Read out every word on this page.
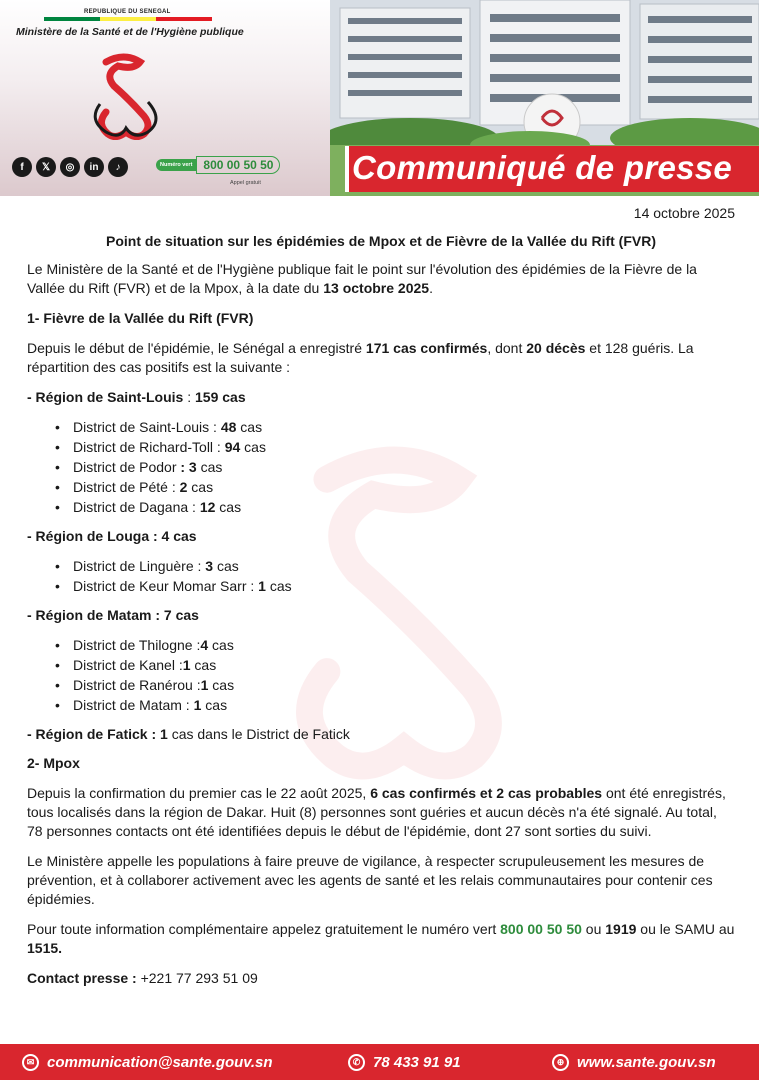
REPUBLIQUE DU SENEGAL
Ministère de la Santé et de l'Hygiène publique
f	𝕏	◎	in	♪	Numéro vert 800 00 50 50
Appel gratuit	Communiqué de presse
14 octobre 2025
Point de situation sur les épidémies de Mpox et de Fièvre de la Vallée du Rift (FVR)

Le Ministère de la Santé et de l'Hygiène publique fait le point sur l'évolution des épidémies de la Fièvre de la Vallée du Rift (FVR) et de la Mpox, à la date du 13 octobre 2025.

1- Fièvre de la Vallée du Rift (FVR)

Depuis le début de l'épidémie, le Sénégal a enregistré 171 cas confirmés, dont 20 décès et 128 guéris. La répartition des cas positifs est la suivante :

- Région de Saint-Louis : 159 cas
• District de Saint-Louis : 48 cas
• District de Richard-Toll : 94 cas
• District de Podor : 3 cas
• District de Pété : 2 cas
• District de Dagana : 12 cas
- Région de Louga : 4 cas
• District de Linguère : 3 cas
• District de Keur Momar Sarr : 1 cas
- Région de Matam : 7 cas
• District de Thilogne :4 cas
• District de Kanel :1 cas
• District de Ranérou :1 cas
• District de Matam : 1 cas
- Région de Fatick : 1 cas dans le District de Fatick
2- Mpox

Depuis la confirmation du premier cas le 22 août 2025, 6 cas confirmés et 2 cas probables ont été enregistrés, tous localisés dans la région de Dakar. Huit (8) personnes sont guéries et aucun décès n'a été signalé. Au total, 78 personnes contacts ont été identifiées depuis le début de l'épidémie, dont 27 sont sorties du suivi.

Le Ministère appelle les populations à faire preuve de vigilance, à respecter scrupuleusement les mesures de prévention, et à collaborer activement avec les agents de santé et les relais communautaires pour contenir ces épidémies.

Pour toute information complémentaire appelez gratuitement le numéro vert 800 00 50 50 ou 1919 ou le SAMU au 1515.

Contact presse : +221 77 293 51 09

✉ communication@sante.gouv.sn	✆ 78 433 91 91	⊕ www.sante.gouv.sn
